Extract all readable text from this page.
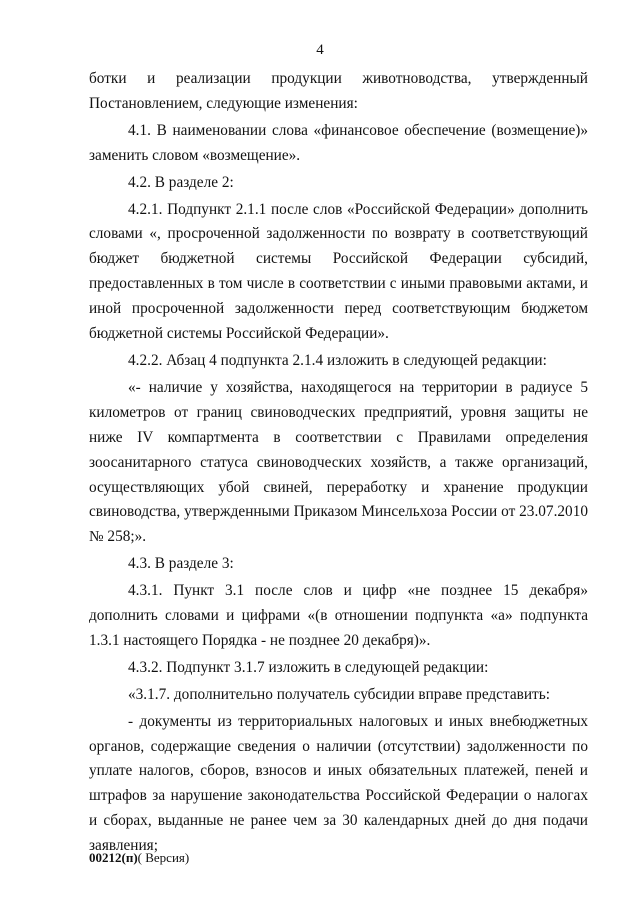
4

ботки и реализации продукции животноводства, утвержденный Постановлением, следующие изменения:

4.1. В наименовании слова «финансовое обеспечение (возмещение)» заменить словом «возмещение».

4.2. В разделе 2:

4.2.1. Подпункт 2.1.1 после слов «Российской Федерации» дополнить словами «, просроченной задолженности по возврату в соответствующий бюджет бюджетной системы Российской Федерации субсидий, предоставленных в том числе в соответствии с иными правовыми актами, и иной просроченной задолженности перед соответствующим бюджетом бюджетной системы Российской Федерации».

4.2.2. Абзац 4 подпункта 2.1.4 изложить в следующей редакции:

«- наличие у хозяйства, находящегося на территории в радиусе 5 километров от границ свиноводческих предприятий, уровня защиты не ниже IV компартмента в соответствии с Правилами определения зоосанитарного статуса свиноводческих хозяйств, а также организаций, осуществляющих убой свиней, переработку и хранение продукции свиноводства, утвержденными Приказом Минсельхоза России от 23.07.2010 № 258;».

4.3. В разделе 3:

4.3.1. Пункт 3.1 после слов и цифр «не позднее 15 декабря» дополнить словами и цифрами «(в отношении подпункта «а» подпункта 1.3.1 настоящего Порядка - не позднее 20 декабря)».

4.3.2. Подпункт 3.1.7 изложить в следующей редакции:

«3.1.7. дополнительно получатель субсидии вправе представить:

- документы из территориальных налоговых и иных внебюджетных органов, содержащие сведения о наличии (отсутствии) задолженности по уплате налогов, сборов, взносов и иных обязательных платежей, пеней и штрафов за нарушение законодательства Российской Федерации о налогах и сборах, выданные не ранее чем за 30 календарных дней до дня подачи заявления;

00212(п)( Версия)
